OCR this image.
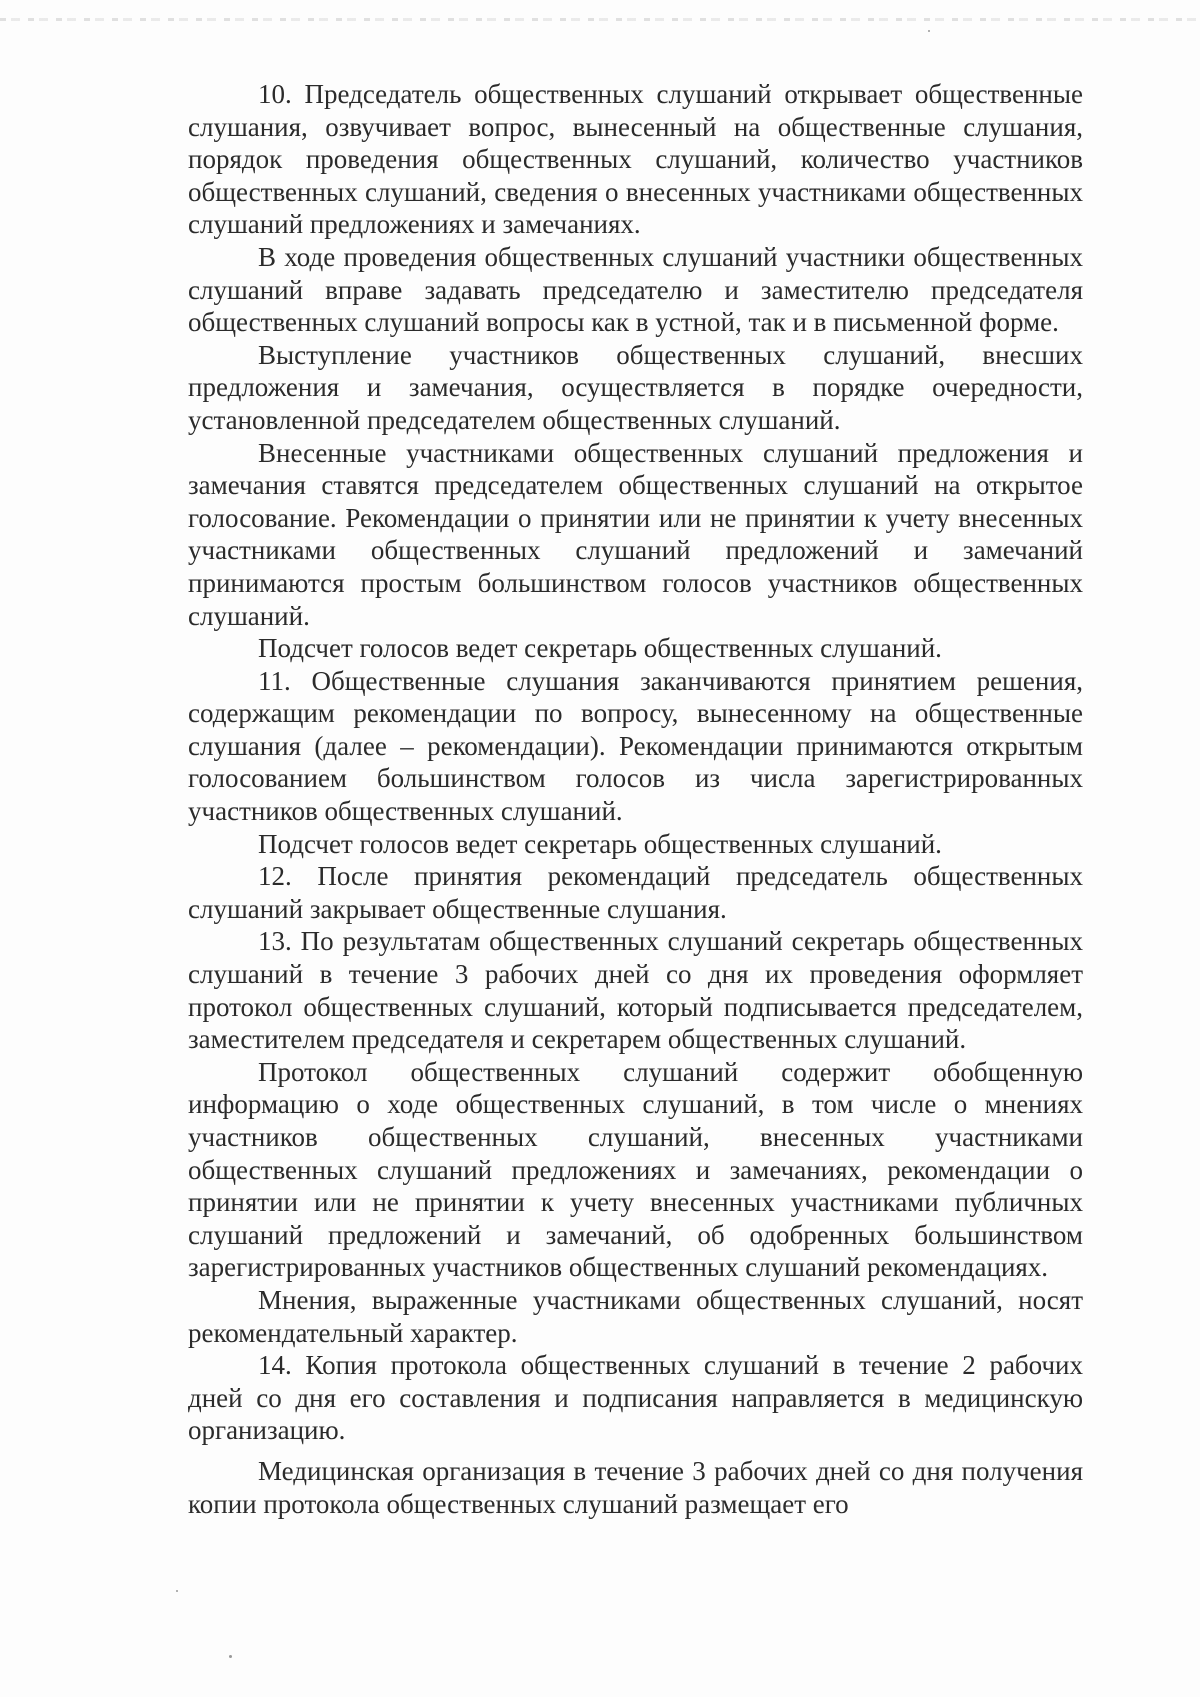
10. Председатель общественных слушаний открывает общественные слушания, озвучивает вопрос, вынесенный на общественные слушания, порядок проведения общественных слушаний, количество участников общественных слушаний, сведения о внесенных участниками общественных слушаний предложениях и замечаниях.

В ходе проведения общественных слушаний участники общественных слушаний вправе задавать председателю и заместителю председателя общественных слушаний вопросы как в устной, так и в письменной форме.

Выступление участников общественных слушаний, внесших предложения и замечания, осуществляется в порядке очередности, установленной председателем общественных слушаний.

Внесенные участниками общественных слушаний предложения и замечания ставятся председателем общественных слушаний на открытое голосование. Рекомендации о принятии или не принятии к учету внесенных участниками общественных слушаний предложений и замечаний принимаются простым большинством голосов участников общественных слушаний.

Подсчет голосов ведет секретарь общественных слушаний.

11. Общественные слушания заканчиваются принятием решения, содержащим рекомендации по вопросу, вынесенному на общественные слушания (далее – рекомендации). Рекомендации принимаются открытым голосованием большинством голосов из числа зарегистрированных участников общественных слушаний.

Подсчет голосов ведет секретарь общественных слушаний.

12. После принятия рекомендаций председатель общественных слушаний закрывает общественные слушания.

13. По результатам общественных слушаний секретарь общественных слушаний в течение 3 рабочих дней со дня их проведения оформляет протокол общественных слушаний, который подписывается председателем, заместителем председателя и секретарем общественных слушаний.

Протокол общественных слушаний содержит обобщенную информацию о ходе общественных слушаний, в том числе о мнениях участников общественных слушаний, внесенных участниками общественных слушаний предложениях и замечаниях, рекомендации о принятии или не принятии к учету внесенных участниками публичных слушаний предложений и замечаний, об одобренных большинством зарегистрированных участников общественных слушаний рекомендациях.

Мнения, выраженные участниками общественных слушаний, носят рекомендательный характер.

14. Копия протокола общественных слушаний в течение 2 рабочих дней со дня его составления и подписания направляется в медицинскую организацию.

Медицинская организация в течение 3 рабочих дней со дня получения копии протокола общественных слушаний размещает его
